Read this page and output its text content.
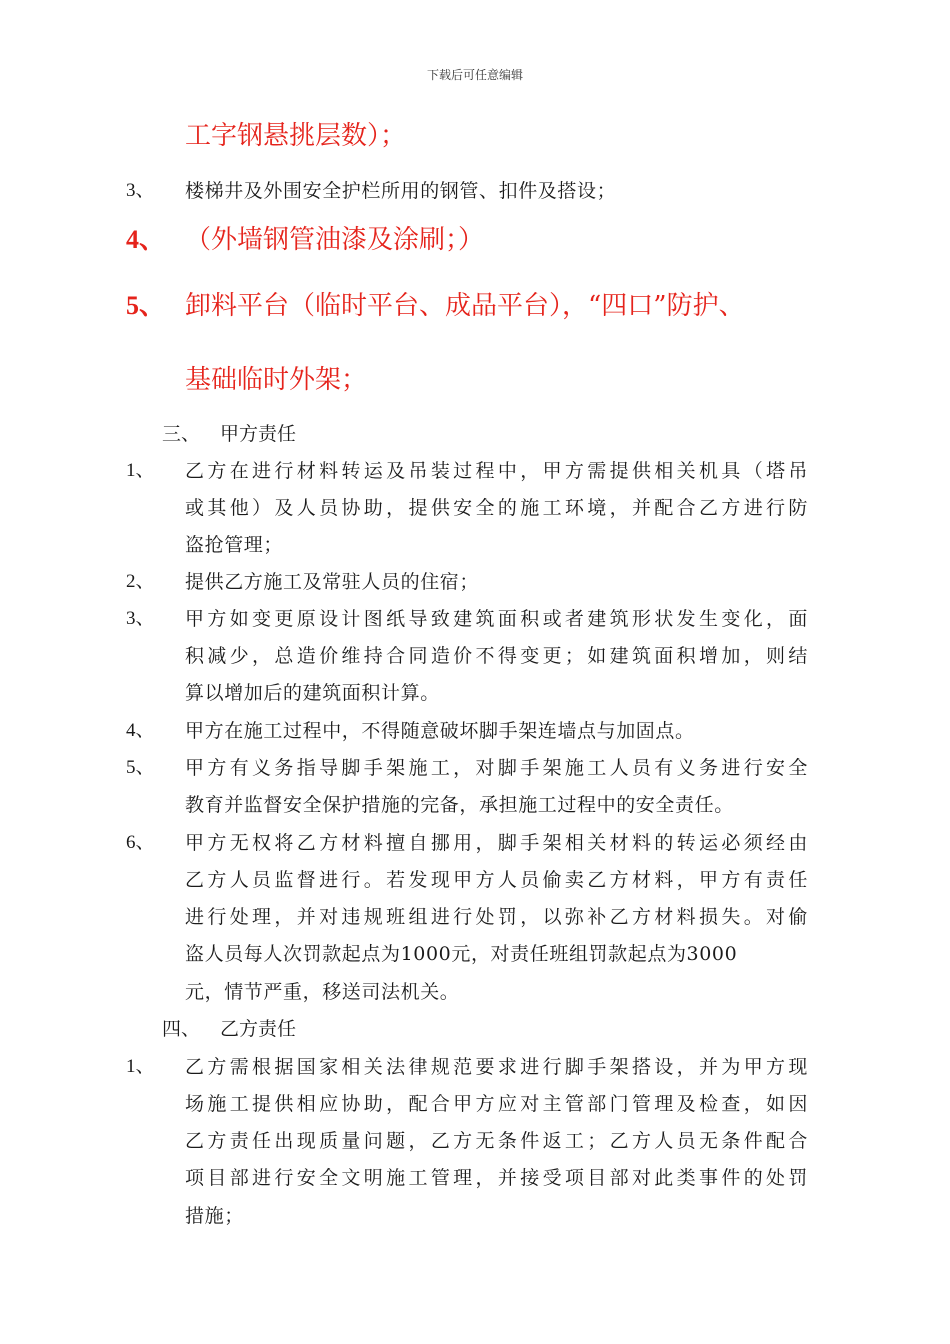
下载后可任意编辑
工字钢悬挑层数）；
3、 楼梯井及外围安全护栏所用的钢管、扣件及搭设；
4、 （外墙钢管油漆及涂刷；）
5、 卸料平台（临时平台、成品平台），“四口”防护、
基础临时外架；
三、 甲方责任
1、 乙方在进行材料转运及吊装过程中，甲方需提供相关机具（塔吊
或其他）及人员协助，提供安全的施工环境，并配合乙方进行防
盗抢管理；
2、 提供乙方施工及常驻人员的住宿；
3、 甲方如变更原设计图纸导致建筑面积或者建筑形状发生变化，面
积减少，总造价维持合同造价不得变更；如建筑面积增加，则结
算以增加后的建筑面积计算。
4、 甲方在施工过程中，不得随意破坏脚手架连墙点与加固点。
5、 甲方有义务指导脚手架施工，对脚手架施工人员有义务进行安全
教育并监督安全保护措施的完备，承担施工过程中的安全责任。
6、 甲方无权将乙方材料擅自挪用，脚手架相关材料的转运必须经由
乙方人员监督进行。若发现甲方人员偷卖乙方材料，甲方有责任
进行处理，并对违规班组进行处罚，以弥补乙方材料损失。对偷
盗人员每人次罚款起点为1000元，对责任班组罚款起点为3000
元，情节严重，移送司法机关。
四、 乙方责任
1、 乙方需根据国家相关法律规范要求进行脚手架搭设，并为甲方现
场施工提供相应协助，配合甲方应对主管部门管理及检查，如因
乙方责任出现质量问题，乙方无条件返工；乙方人员无条件配合
项目部进行安全文明施工管理，并接受项目部对此类事件的处罚
措施；
